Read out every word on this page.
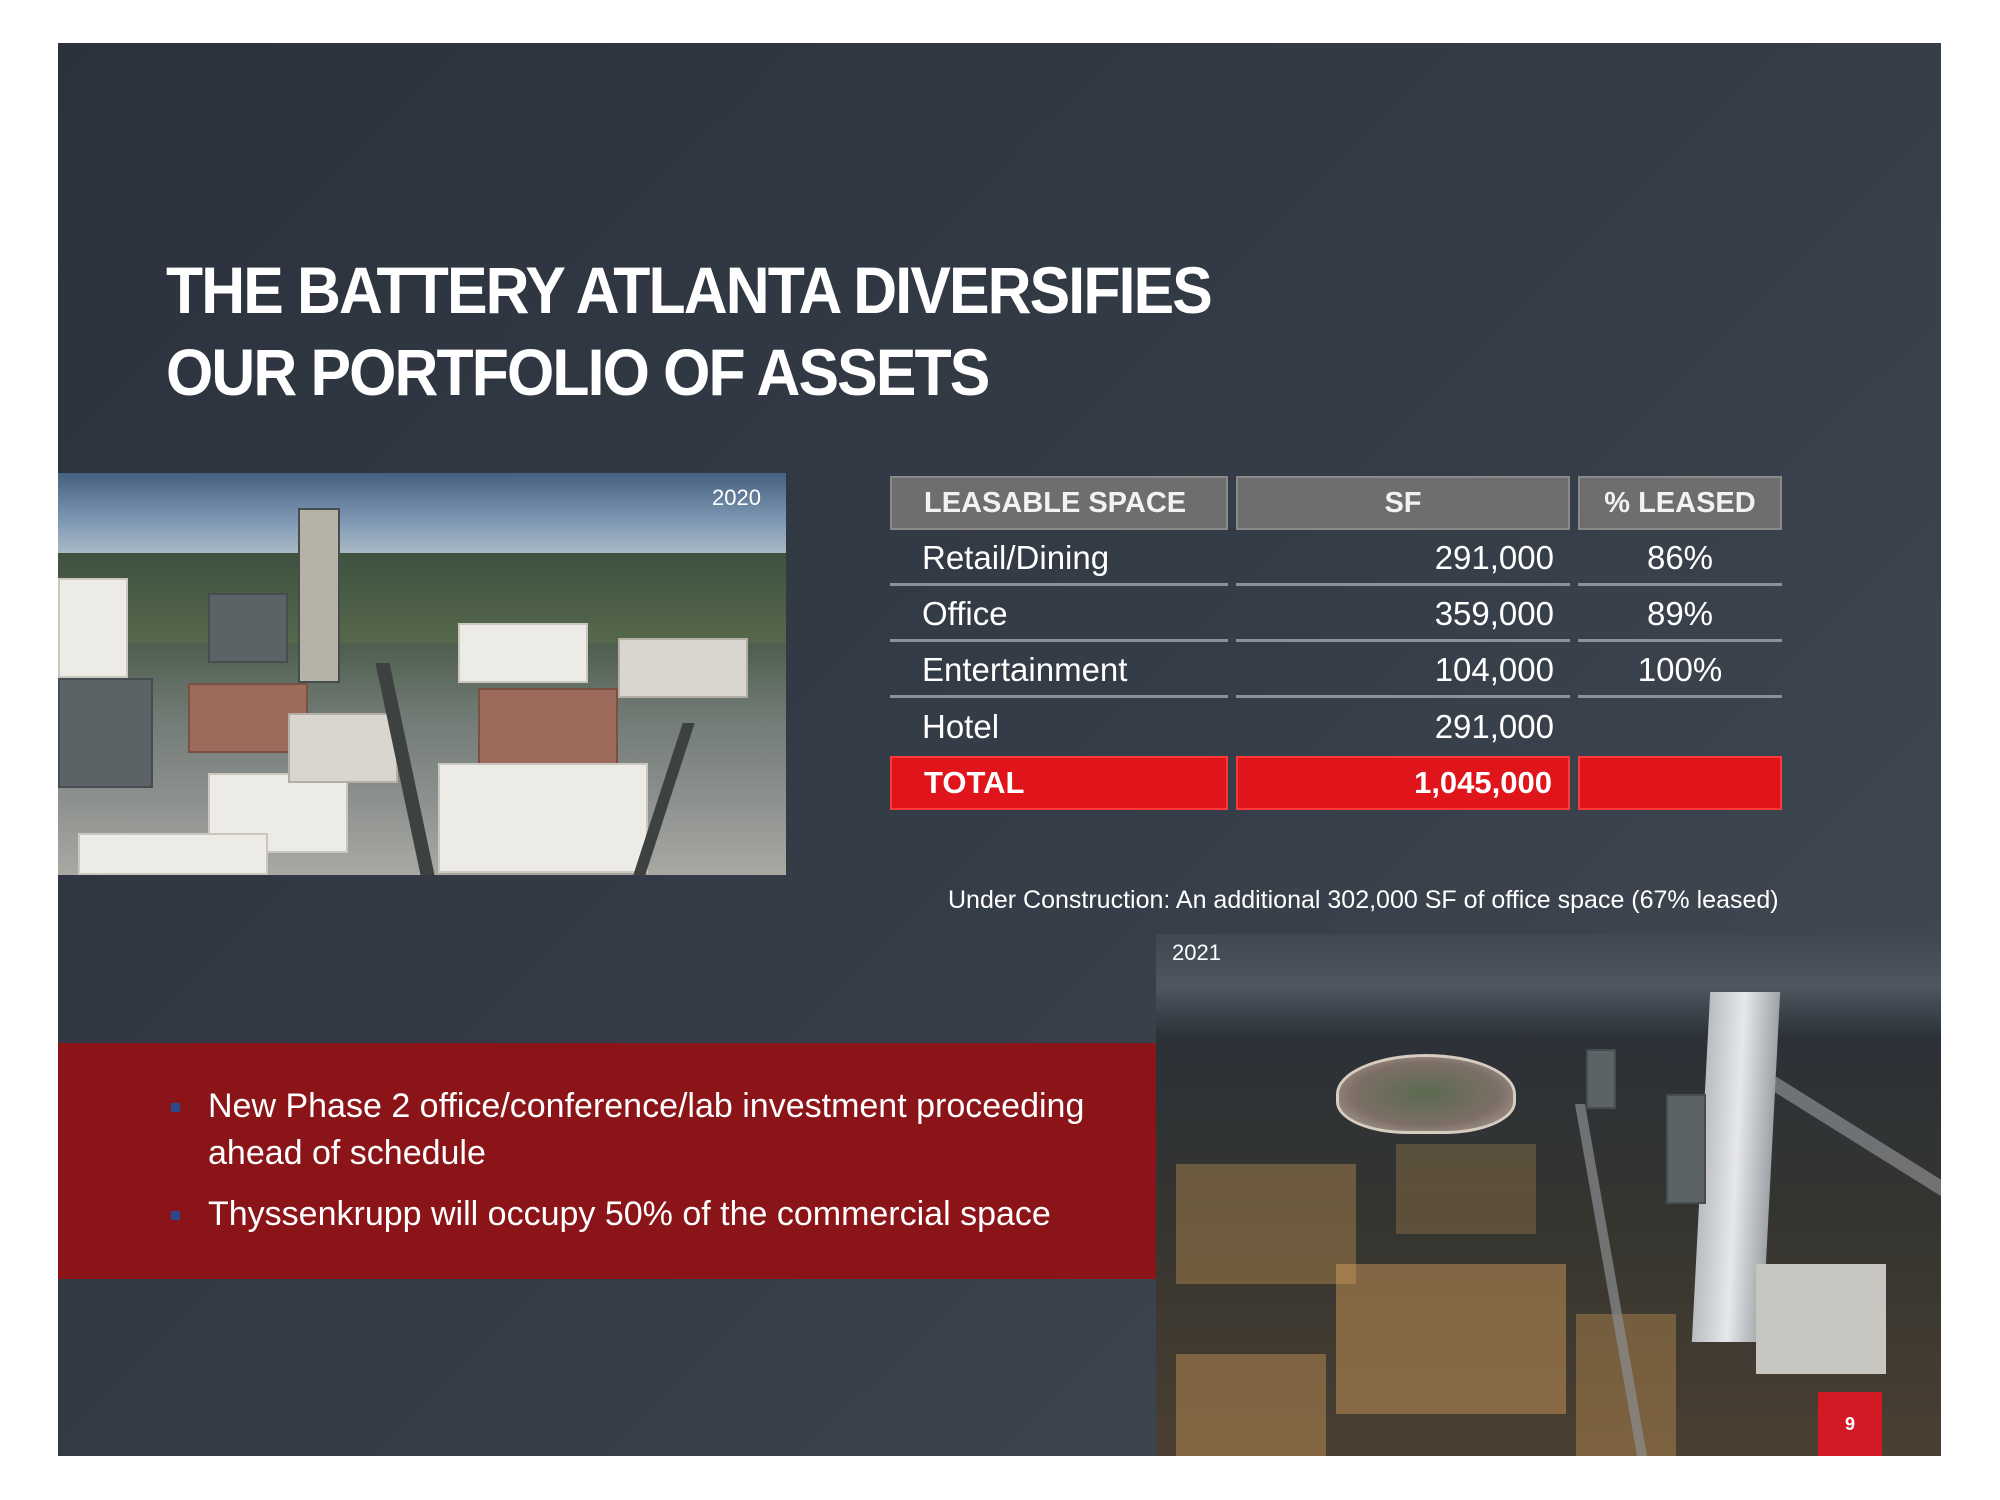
THE BATTERY ATLANTA DIVERSIFIES
OUR PORTFOLIO OF ASSETS
2020	LEASABLE SPACE	SF	% LEASED
Retail/Dining	291,000	86%
Office	359,000	89%
Entertainment	104,000	100%
Hotel	291,000
TOTAL	1,045,000
Under Construction: An additional 302,000 SF of office space (67% leased)
New Phase 2 office/conference/lab investment proceeding ahead of schedule
Thyssenkrupp will occupy 50% of the commercial space
2021
9
